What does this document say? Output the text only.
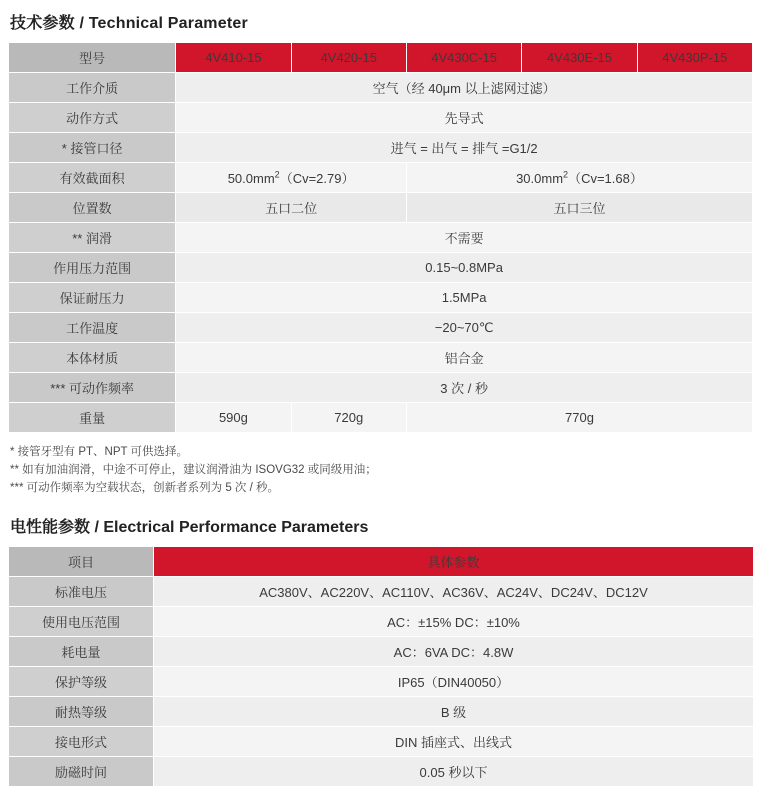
技术参数 / Technical Parameter
型号	4V410-15	4V420-15	4V430C-15	4V430E-15	4V430P-15
工作介质	空气（经 40μm 以上滤网过滤）				
动作方式	先导式				
* 接管口径	进气 = 出气 = 排气 =G1/2				
有效截面积	$50.0mm^2(Cv=2.79)$		$30.0mm^2(Cv=1.68)$		
位置数	五口二位		五口三位		
** 润滑	不需要				
作用压力范围	0.15~0.8MPa				
保证耐压力	1.5MPa				
工作温度	−20~70℃				
本体材质	铝合金				
*** 可动作频率	3 次 / 秒				
重量	590g	720g	770g		
* 接管牙型有 PT、NPT 可供选择。
** 如有加油润滑，中途不可停止，建议润滑油为 ISOVG32 或同级用油；
*** 可动作频率为空载状态，创新者系列为 5 次 / 秒。
电性能参数 / Electrical Performance Parameters
项目	具体参数
标准电压	AC380V、AC220V、AC110V、AC36V、AC24V、DC24V、DC12V
使用电压范围	AC：±15% DC：±10%
耗电量	AC：6VA DC：4.8W
保护等级	IP65（DIN40050）
耐热等级	B 级
接电形式	DIN 插座式、出线式
励磁时间	0.05 秒以下
